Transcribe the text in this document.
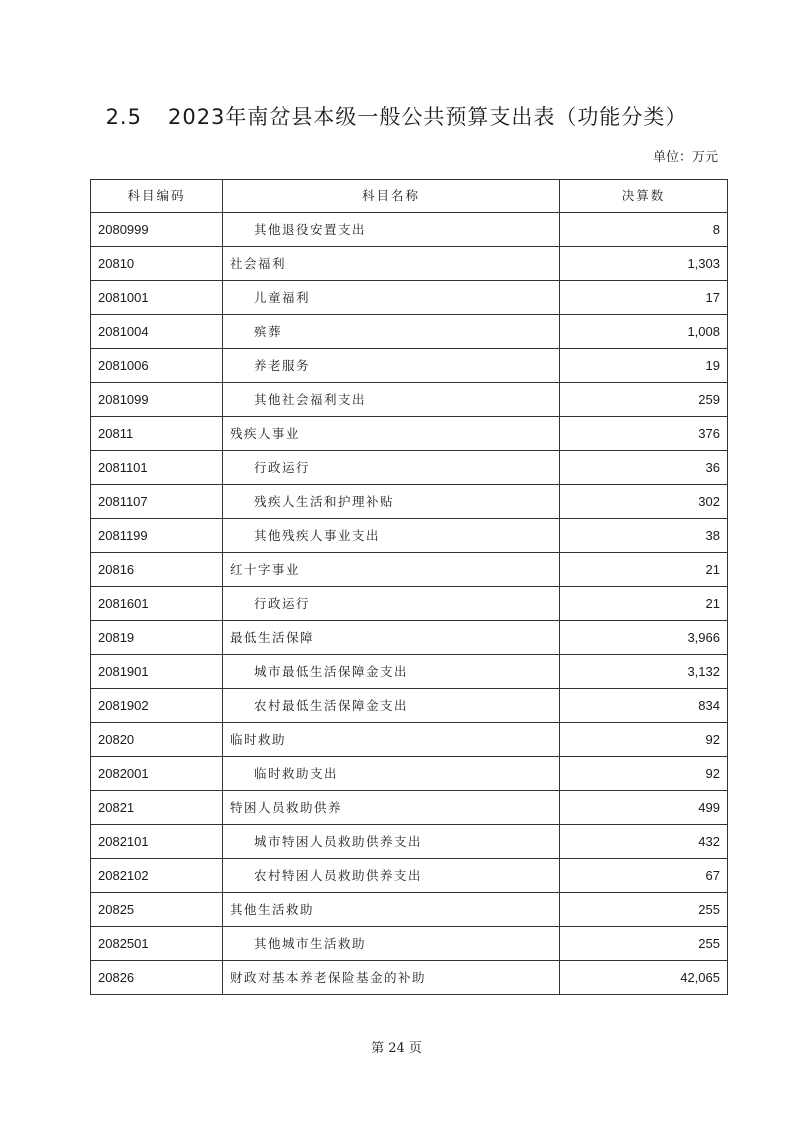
2.5 2023年南岔县本级一般公共预算支出表（功能分类）
单位：万元
科目编码	科目名称	决算数
2080999	其他退役安置支出	8
20810	社会福利	1,303
2081001	儿童福利	17
2081004	殡葬	1,008
2081006	养老服务	19
2081099	其他社会福利支出	259
20811	残疾人事业	376
2081101	行政运行	36
2081107	残疾人生活和护理补贴	302
2081199	其他残疾人事业支出	38
20816	红十字事业	21
2081601	行政运行	21
20819	最低生活保障	3,966
2081901	城市最低生活保障金支出	3,132
2081902	农村最低生活保障金支出	834
20820	临时救助	92
2082001	临时救助支出	92
20821	特困人员救助供养	499
2082101	城市特困人员救助供养支出	432
2082102	农村特困人员救助供养支出	67
20825	其他生活救助	255
2082501	其他城市生活救助	255
20826	财政对基本养老保险基金的补助	42,065
第 24 页
